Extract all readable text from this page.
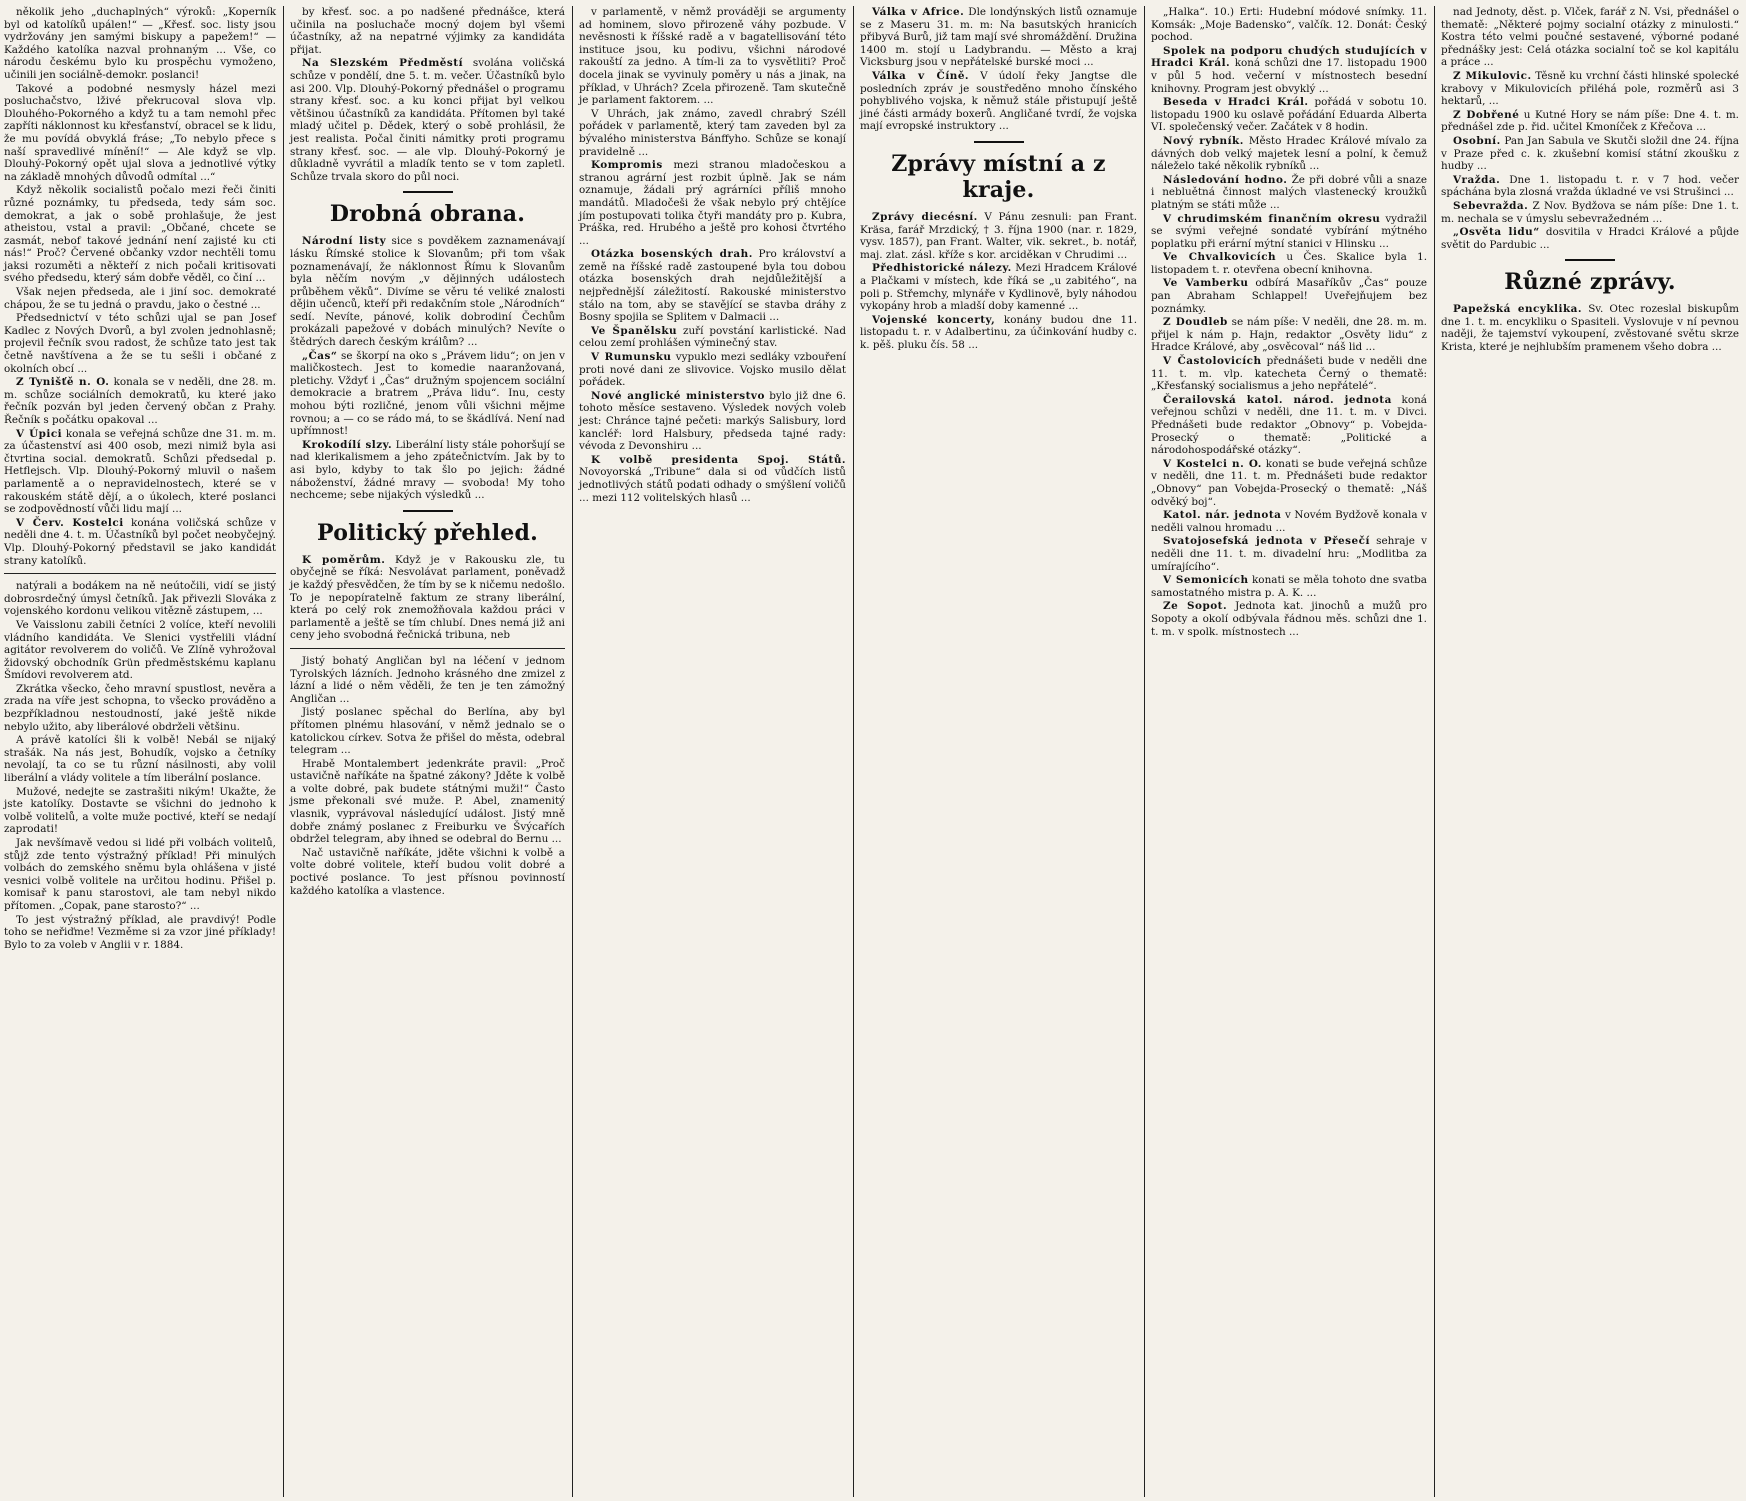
několik jeho „duchaplných“ výroků: „Koperník byl od katolíků upálen!“ — „Křesť. soc. listy jsou vydržovány jen samými biskupy a papežem!“ — Každého katolíka nazval prohnaným ... Vše, co národu českému bylo ku prospěchu vymoženo, učinili jen sociálně-demokr. poslanci!

Takové a podobné nesmysly házel mezi posluchačstvo, lživé překrucoval slova vlp. Dlouhého-Pokorného a když tu a tam nemohl přec zapříti náklonnost ku křesťanství, obracel se k lidu, že mu povídá obvyklá fráse; „To nebylo přece s naší spravedlivé mínění!“ — Ale když se vlp. Dlouhý-Pokorný opět ujal slova a jednotlivé výtky na základě mnohých důvodů odmítal ...“

Když několik socialistů počalo mezi řeči činiti různé poznámky, tu předseda, tedy sám soc. demokrat, a jak o sobě prohlašuje, že jest atheistou, vstal a pravil: „Občané, chcete se zasmát, nebof takové jednání není zajisté ku cti nás!“ Proč? Červené občanky vzdor nechtěli tomu jaksi rozuměti a někteří z nich počali kritisovati svého předsedu, který sám dobře věděl, co činí ...

Však nejen předseda, ale i jiní soc. demokraté chápou, že se tu jedná o pravdu, jako o čestné ...

Předsednictví v této schůzi ujal se pan Josef Kadlec z Nových Dvorů, a byl zvolen jednohlasně; projevil řečník svou radost, že schůze tato jest tak četně navštívena a že se tu sešli i občané z okolních obcí ...

Z Tynišťě n. O. konala se v neděli, dne 28. m. m. schůze sociálních demokratů, ku které jako řečník pozván byl jeden červený občan z Prahy. Řečník s počátku opakoval ...

V Úpici konala se veřejná schůze dne 31. m. m. za účastenství asi 400 osob, mezi nimiž byla asi čtvrtina social. demokratů. Schůzi předsedal p. Hetflejsch. Vlp. Dlouhý-Pokorný mluvil o našem parlamentě a o nepravidelnostech, které se v rakouském státě dějí, a o úkolech, které poslanci se zodpovědností vůči lidu mají ...

V Červ. Kostelci konána voličská schůze v neděli dne 4. t. m. Účastníků byl počet neobyčejný. Vlp. Dlouhý-Pokorný představil se jako kandidát strany katolíků.

natýrali a bodákem na ně neútočili, vidí se jistý dobrosrdečný úmysl četníků. Jak přivezli Slováka z vojenského kordonu velikou vitězně zástupem, ...

Ve Vaisslonu zabili četníci 2 volíce, kteří nevolili vládního kandidáta. Ve Slenici vystřelili vládní agitátor revolverem do voličů. Ve Zlíně vyhrožoval židovský obchodník Grün předměstskému kaplanu Šmídovi revolverem atd.

Zkrátka všecko, čeho mravní spustlost, nevěra a zrada na víře jest schopna, to všecko prováděno a bezpříkladnou nestoudností, jaké ještě nikde nebylo užito, aby liberálové obdrželi většinu.

A právě katolíci šli k volbě! Nebál se nijaký strašák. Na nás jest, Bohudík, vojsko a četníky nevolají, ta co se tu různí násilnosti, aby volil liberální a vlády volitele a tím liberální poslance.

Mužové, nedejte se zastrašiti nikým! Ukažte, že jste katolíky. Dostavte se všichni do jednoho k volbě volitelů, a volte muže poctivé, kteří se nedají zaprodati!

Jak nevšímavě vedou si lidé při volbách volitelů, stůjž zde tento výstražný příklad! Při minulých volbách do zemského sněmu byla ohlášena v jisté vesnici volbě volitele na určitou hodinu. Přišel p. komisař k panu starostovi, ale tam nebyl nikdo přítomen. „Copak, pane starosto?“ ...

To jest výstražný příklad, ale pravdivý! Podle toho se neřiďme! Vezměme si za vzor jiné příklady! Bylo to za voleb v Anglii v r. 1884.

by křesť. soc. a po nadšené přednášce, která učinila na posluchače mocný dojem byl všemi účastníky, až na nepatrné výjimky za kandidáta přijat.

Na Slezském Předměstí svolána voličská schůze v pondělí, dne 5. t. m. večer. Účastníků bylo asi 200. Vlp. Dlouhý-Pokorný přednášel o programu strany křesť. soc. a ku konci přijat byl velkou většinou účastníků za kandidáta. Přítomen byl také mladý učitel p. Dědek, který o sobě prohlásil, že jest realista. Počal činiti námitky proti programu strany křesť. soc. — ale vlp. Dlouhý-Pokorný je důkladně vyvrátil a mladík tento se v tom zapletl. Schůze trvala skoro do půl noci.

Drobná obrana.

Národní listy sice s povděkem zaznamenávají lásku Římské stolice k Slovanům; při tom však poznamenávají, že náklonnost Římu k Slovanům byla něčím novým „v dějinných událostech průběhem věků“. Divíme se věru té veliké znalosti dějin učenců, kteří při redakčním stole „Národních“ sedí. Nevíte, pánové, kolik dobrodiní Čechům prokázali papežové v dobách minulých? Nevíte o štědrých darech českým králům? ...

„Čas“ se škorpí na oko s „Právem lidu“; on jen v maličkostech. Jest to komedie naaranžovaná, pletichy. Vždyť i „Čas“ družným spojencem sociální demokracie a bratrem „Práva lidu“. Inu, cesty mohou býti rozličné, jenom vůli všichni mějme rovnou; a — co se rádo má, to se škádlívá. Není nad upřímnost!

Krokodílí slzy. Liberální listy stále pohoršují se nad klerikalismem a jeho zpátečnictvím. Jak by to asi bylo, kdyby to tak šlo po jejich: žádné náboženství, žádné mravy — svoboda! My toho nechceme; sebe nijakých výsledků ...

Politický přehled.

K poměrům. Když je v Rakousku zle, tu obyčejně se říká: Nesvolávat parlament, poněvadž je každý přesvědčen, že tím by se k ničemu nedošlo. To je nepopíratelně faktum ze strany liberální, která po celý rok znemožňovala každou práci v parlamentě a ještě se tím chlubí. Dnes nemá již ani ceny jeho svobodná řečnická tribuna, neb

Jistý bohatý Angličan byl na léčení v jednom Tyrolských lázních. Jednoho krásného dne zmizel z lázní a lidé o něm věděli, že ten je ten zámožný Angličan ...

Jistý poslanec spěchal do Berlína, aby byl přítomen plnému hlasování, v němž jednalo se o katolickou církev. Sotva že přišel do města, odebral telegram ...

Hrabě Montalembert jedenkráte pravil: „Proč ustavičně naříkáte na špatné zákony? Jděte k volbě a volte dobré, pak budete státnými muži!“ Často jsme překonali své muže. P. Abel, znamenitý vlasnik, vyprávoval následující událost. Jistý mně dobře známý poslanec z Freiburku ve Švýcařích obdržel telegram, aby ihned se odebral do Bernu ...

Nač ustavičně naříkáte, jděte všichni k volbě a volte dobré volitele, kteří budou volit dobré a poctivé poslance. To jest přísnou povinností každého katolíka a vlastence.

v parlamentě, v němž prováději se argumenty ad hominem, slovo přirozeně váhy pozbude. V nevěsnosti k říšské radě a v bagatellisování této instituce jsou, ku podivu, všichni národové rakouští za jedno. A tím-li za to vysvětliti? Proč docela jinak se vyvinuly poměry u nás a jinak, na příklad, v Uhrách? Zcela přirozeně. Tam skutečně je parlament faktorem. ...

V Uhrách, jak známo, zavedl chrabrý Széll pořádek v parlamentě, který tam zaveden byl za bývalého ministerstva Bánffyho. Schůze se konají pravidelně ...

Kompromis mezi stranou mladočeskou a stranou agrární jest rozbit úplně. Jak se nám oznamuje, žádali prý agrárníci příliš mnoho mandátů. Mladočeši že však nebylo prý chtějíce jím postupovati tolika čtyři mandáty pro p. Kubra, Práška, red. Hrubého a ještě pro kohosi čtvrtého ...

Otázka bosenských drah. Pro království a země na říšské radě zastoupené byla tou dobou otázka bosenských drah nejdůležitější a nejpřednější záležitostí. Rakouské ministerstvo stálo na tom, aby se stavějící se stavba dráhy z Bosny spojila se Splitem v Dalmacii ...

Ve Španělsku zuří povstání karlistické. Nad celou zemí prohlášen výminečný stav.

V Rumunsku vypuklo mezi sedláky vzbouření proti nové dani ze slivovice. Vojsko musilo dělat pořádek.

Nové anglické ministerstvo bylo již dne 6. tohoto měsíce sestaveno. Výsledek nových voleb jest: Chránce tajné pečeti: markýs Salisbury, lord kancléř: lord Halsbury, předseda tajné rady: vévoda z Devonshiru ...

K volbě presidenta Spoj. Států. Novoyorská „Tribune“ dala si od vůdčích listů jednotlivých států podati odhady o smýšlení voličů ... mezi 112 volitelských hlasů ...

Válka v Africe. Dle londýnských listů oznamuje se z Maseru 31. m. m: Na basutských hranicích přibyvá Burů, již tam mají své shromáždění. Družina 1400 m. stojí u Ladybrandu. — Město a kraj Vicksburg jsou v nepřátelské burské moci ...

Válka v Číně. V údolí řeky Jangtse dle posledních zpráv je soustředěno mnoho čínského pohyblivého vojska, k němuž stále přistupují ještě jiné části armády boxerů. Angličané tvrdí, že vojska mají evropské instruktory ...

Zprávy místní a z kraje.

Zprávy diecésní. V Pánu zesnuli: pan Frant. Kräsa, farář Mrzdický, † 3. října 1900 (nar. r. 1829, vysv. 1857), pan Frant. Walter, vik. sekret., b. notář, maj. zlat. zásl. kříže s kor. arciděkan v Chrudimi ...

Předhistorické nálezy. Mezi Hradcem Králové a Plačkami v místech, kde říká se „u zabitého“, na poli p. Střemchy, mlynáře v Kydlinově, byly náhodou vykopány hrob a mladší doby kamenné ...

Vojenské koncerty, konány budou dne 11. listopadu t. r. v Adalbertinu, za účinkování hudby c. k. pěš. pluku čís. 58 ...

„Halka“. 10.) Erti: Hudební módové snímky. 11. Komsák: „Moje Badensko“, valčík. 12. Donát: Český pochod.

Spolek na podporu chudých studujících v Hradci Král. koná schůzi dne 17. listopadu 1900 v půl 5 hod. večerní v místnostech besední knihovny. Program jest obvyklý ...

Beseda v Hradci Král. pořádá v sobotu 10. listopadu 1900 ku oslavě pořádání Eduarda Alberta VI. společenský večer. Začátek v 8 hodin.

Nový rybník. Město Hradec Králové mívalo za dávných dob velký majetek lesní a polní, k čemuž náleželo také několik rybníků ...

Následování hodno. Že při dobré vůli a snaze i nebluětná činnost malých vlastenecký kroužků platným se státi může ...

V chrudimském finančním okresu vydražil se svými veřejné sondaté vybírání mýtného poplatku při erární mýtní stanici v Hlinsku ...

Ve Chvalkovicích u Čes. Skalice byla 1. listopadem t. r. otevřena obecní knihovna.

Ve Vamberku odbírá Masaříkův „Čas“ pouze pan Abraham Schlappel! Uveřejňujem bez poznámky.

Z Doudleb se nám píše: V neděli, dne 28. m. m. přijel k nám p. Hajn, redaktor „Osvěty lidu“ z Hradce Králové, aby „osvěcoval“ náš lid ...

V Častolovicích přednášeti bude v neděli dne 11. t. m. vlp. katecheta Černý o thematě: „Křesťanský socialismus a jeho nepřátelé“.

Čerailovská katol. národ. jednota koná veřejnou schůzi v neděli, dne 11. t. m. v Divci. Přednášeti bude redaktor „Obnovy“ p. Vobejda-Prosecký o thematě: „Politické a národohospodářské otázky“.

V Kostelci n. O. konati se bude veřejná schůze v neděli, dne 11. t. m. Přednášeti bude redaktor „Obnovy“ pan Vobejda-Prosecký o thematě: „Náš odvěký boj“.

Katol. nár. jednota v Novém Bydžově konala v neděli valnou hromadu ...

Svatojosefská jednota v Přesečí sehraje v neděli dne 11. t. m. divadelní hru: „Modlitba za umírajícího“.

V Semonicích konati se měla tohoto dne svatba samostatného mistra p. A. K. ...

Ze Sopot. Jednota kat. jinochů a mužů pro Sopoty a okolí odbývala řádnou měs. schůzi dne 1. t. m. v spolk. místnostech ...

nad Jednoty, děst. p. Vlček, farář z N. Vsi, přednášel o thematě: „Některé pojmy socialní otázky z minulosti.“ Kostra této velmi poučné sestavené, výborné podané přednášky jest: Celá otázka socialní toč se kol kapitálu a práce ...

Z Mikulovic. Těsně ku vrchní části hlinské spolecké krabovy v Mikulovicích přiléhá pole, rozměrů asi 3 hektarů, ...

Z Dobřené u Kutné Hory se nám píše: Dne 4. t. m. přednášel zde p. řid. učitel Kmoníček z Křečova ...

Osobní. Pan Jan Sabula ve Skutči složil dne 24. října v Praze před c. k. zkušební komisí státní zkoušku z hudby ...

Vražda. Dne 1. listopadu t. r. v 7 hod. večer spáchána byla zlosná vražda úkladné ve vsi Strušinci ...

Sebevražda. Z Nov. Bydžova se nám píše: Dne 1. t. m. nechala se v úmyslu sebevražedném ...

„Osvěta lidu“ dosvitila v Hradci Králové a půjde světit do Pardubic ...

Různé zprávy.

Papežská encyklika. Sv. Otec rozeslal biskupům dne 1. t. m. encykliku o Spasiteli. Vyslovuje v ní pevnou naději, že tajemství vykoupení, zvěstované světu skrze Krista, které je nejhlubším pramenem všeho dobra ...
